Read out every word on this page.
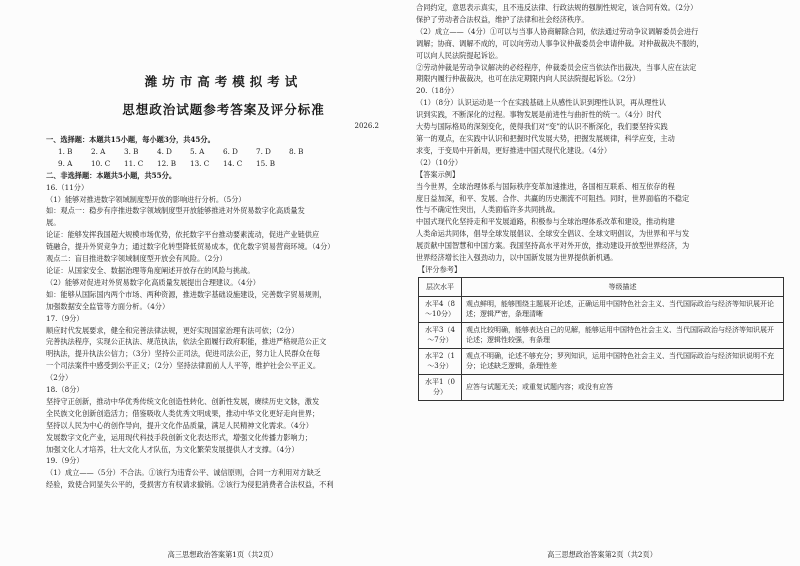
潍坊市高考模拟考试
思想政治试题参考答案及评分标准
2026.2
一、选择题：本题共15小题，每小题3分，共45分。
1. B	2. A	3. B	4. D	5. A	6. D	7. D	8. B
9. A	10. C	11. C	12. B	13. C	14. C	15. B
二、非选择题：本题共5小题，共55分。
16.（11分）
（1）能够对推进数字领域制度型开放的影响进行分析。（5分）
如：观点一：稳步有序推进数字领域制度型开放能够推进对外贸易数字化高质量发
展。
论证：能够发挥我国超大规模市场优势，依托数字平台推动要素流动，促进产业链供应
链融合，提升外贸竞争力；通过数字化转型降低贸易成本，优化数字贸易营商环境。（4分）
观点二：盲目推进数字领域制度型开放会有风险。（2分）
论证：从国家安全、数据治理等角度阐述开放存在的风险与挑战。
（2）能够对促进对外贸易数字化高质量发展提出合理建议。（4分）
如：能够从国际国内两个市场、两种资源，推进数字基础设施建设，完善数字贸易规则，
加强数据安全监管等方面分析。（4分）
17.（9分）
顺应时代发展要求，健全和完善法律法规，更好实现国家治理有法可依；（2分）
完善执法程序，实现公正执法、规范执法，依法全面履行政府职能，推进严格规范公正文
明执法，提升执法公信力；（3分）坚持公正司法，促进司法公正，努力让人民群众在每
一个司法案件中感受到公平正义；（2分）坚持法律面前人人平等，维护社会公平正义。
（2分）
18.（8分）
坚持守正创新，推动中华优秀传统文化创造性转化、创新性发展，赓续历史文脉，激发
全民族文化创新创造活力；借鉴吸收人类优秀文明成果，推动中华文化更好走向世界；
坚持以人民为中心的创作导向，提升文化作品质量，满足人民精神文化需求。（4分）
发展数字文化产业，运用现代科技手段创新文化表达形式，增强文化传播力影响力；
加强文化人才培养，壮大文化人才队伍，为文化繁荣发展提供人才支撑。（4分）
19.（9分）
（1）成立——（5分）不合法。①该行为违背公平、诚信原则，合同一方利用对方缺乏
经验，致使合同显失公平的，受损害方有权请求撤销。②该行为侵犯消费者合法权益，不利
高三思想政治答案第1页（共2页）
合同约定，意思表示真实，且不违反法律、行政法规的强制性规定，该合同有效。（2分）
保护了劳动者合法权益，维护了法律和社会经济秩序。
（2）成立——（4分）①可以与当事人协商解除合同，依法通过劳动争议调解委员会进行
调解；协商、调解不成的，可以向劳动人事争议仲裁委员会申请仲裁。对仲裁裁决不服的，
可以向人民法院提起诉讼。
②劳动仲裁是劳动争议解决的必经程序，仲裁委员会应当依法作出裁决，当事人应在法定
期限内履行仲裁裁决，也可在法定期限内向人民法院提起诉讼。（2分）
20.（18分）
（1）（8分）认识运动是一个在实践基础上从感性认识到理性认识，再从理性认
识到实践，不断深化的过程。事物发展是前进性与曲折性的统一。（4分）时代
大势与国际格局的深刻变化，使得我们对“变”的认识不断深化，我们要坚持实践
第一的观点，在实践中认识和把握时代发展大势，把握发展规律，科学应变，主动
求变，于变局中开新局，更好推进中国式现代化建设。（4分）
（2）（10分）
【答案示例】
当今世界，全球治理体系与国际秩序变革加速推进，各国相互联系、相互依存的程
度日益加深，和平、发展、合作、共赢的历史潮流不可阻挡。同时，世界面临的不稳定
性与不确定性突出，人类面临许多共同挑战。
中国式现代化坚持走和平发展道路，积极参与全球治理体系改革和建设，推动构建
人类命运共同体，倡导全球发展倡议、全球安全倡议、全球文明倡议，为世界和平与发
展贡献中国智慧和中国方案。我国坚持高水平对外开放，推动建设开放型世界经济，为
世界经济增长注入强劲动力，以中国新发展为世界提供新机遇。
【评分参考】
层次水平	等级描述
水平4（8～10分）	观点鲜明，能够围绕主题展开论述，正确运用中国特色社会主义、当代国际政治与经济等知识展开论述；逻辑严密，条理清晰
水平3（4～7分）	观点比较明确，能够表达自己的见解，能够运用中国特色社会主义、当代国际政治与经济等知识展开论述；逻辑性较强，有条理
水平2（1～3分）	观点不明确，论述不够充分；罗列知识，运用中国特色社会主义、当代国际政治与经济知识说明不充分；论述缺乏逻辑，条理性差
水平1（0分）	应答与试题无关；或重复试题内容；或没有应答
高三思想政治答案第2页（共2页）
